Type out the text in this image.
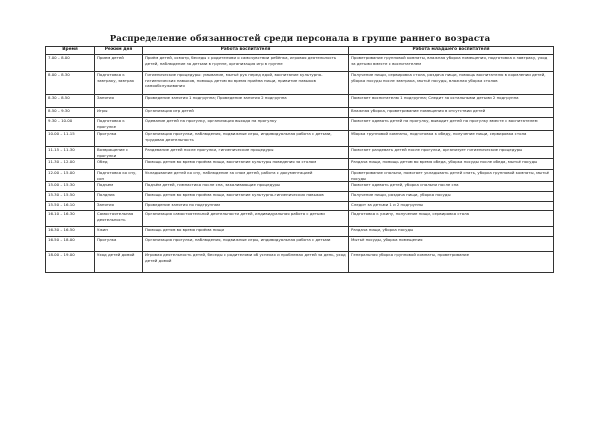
Распределение обязанностей среди персонала в группе раннего возраста
Время	Режим дня	Работа воспитателя	Работа младшего воспитателя
7.00 – 8.00	Прием детей	Приём детей, осмотр, беседы с родителями о самочувствии ребёнка, игровая деятельность детей, наблюдение за детьми в группе, организация игр в группе	Проветривание групповой комнаты, влажная уборка помещения, подготовка к завтраку, уход за детьми вместе с воспитателем
8.00 – 8.30	Подготовка к завтраку, завтрак	Гигиенические процедуры: умывание, мытьё рук перед едой, воспитание культурно-гигиенических навыков, помощь детям во время приёма пищи, привитие навыков самообслуживания	Получение пищи, сервировка стола, раздача пищи, помощь воспитателю в кормлении детей, уборка посуды после завтрака, мытьё посуды, влажная уборка столов
8.30 – 8.50	Занятия	Проведение занятия 1 подгруппа; Проведение занятия 2 подгруппа	Помогает воспитателю 1 подгруппа; Следит за остальными детьми 2 подгруппа
8.50 – 9.30	Игры	Организация игр детей	Влажная уборка, проветривание помещения в отсутствии детей
9.30 – 10.00	Подготовка к прогулке	Одевание детей на прогулку, организация выхода на прогулку	Помогает одевать детей на прогулку, выводит детей на прогулку вместе с воспитателем
10.00 – 11.15	Прогулка	Организация прогулки, наблюдения, подвижные игры, индивидуальная работа с детьми, трудовая деятельность	Уборка групповой комнаты, подготовка к обеду, получение пищи, сервировка стола
11.15 – 11.30	Возвращение с прогулки	Раздевание детей после прогулки, гигиенические процедуры	Помогает раздевать детей после прогулки, организует гигиенические процедуры
11.30 – 12.00	Обед	Помощь детям во время приёма пищи, воспитание культуры поведения за столом	Раздача пищи, помощь детям во время обеда, уборка посуды после обеда, мытьё посуды
12.00 – 15.00	Подготовка ко сну, сон	Укладывание детей ко сну, наблюдение за сном детей, работа с документацией	Проветривание спальни, помогает укладывать детей спать, уборка групповой комнаты, мытьё посуды
15.00 – 15.30	Подъем	Подъём детей, гимнастика после сна, закаливающие процедуры	Помогает одевать детей, уборка спальни после сна
15.30 – 15.50	Полдник	Помощь детям во время приёма пищи, воспитание культурно-гигиенических навыков	Получение пищи, раздача пищи, уборка посуды
15.50 – 16.10	Занятия	Проведение занятия по подгруппам	Следит за детьми 1 и 2 подгруппы
16.10 – 16.30	Самостоятельная деятельность	Организация самостоятельной деятельности детей, индивидуальная работа с детьми	Подготовка к ужину, получение пищи, сервировка стола
16.30 – 16.50	Ужин	Помощь детям во время приёма пищи	Раздача пищи, уборка посуды
16.50 – 18.00	Прогулка	Организация прогулки, наблюдения, подвижные игры, индивидуальная работа с детьми	Мытьё посуды, уборка помещения
18.00 – 19.00	Уход детей домой	Игровая деятельность детей, беседы с родителями об успехах и проблемах детей за день, уход детей домой	Генеральная уборка групповой комнаты, проветривание
